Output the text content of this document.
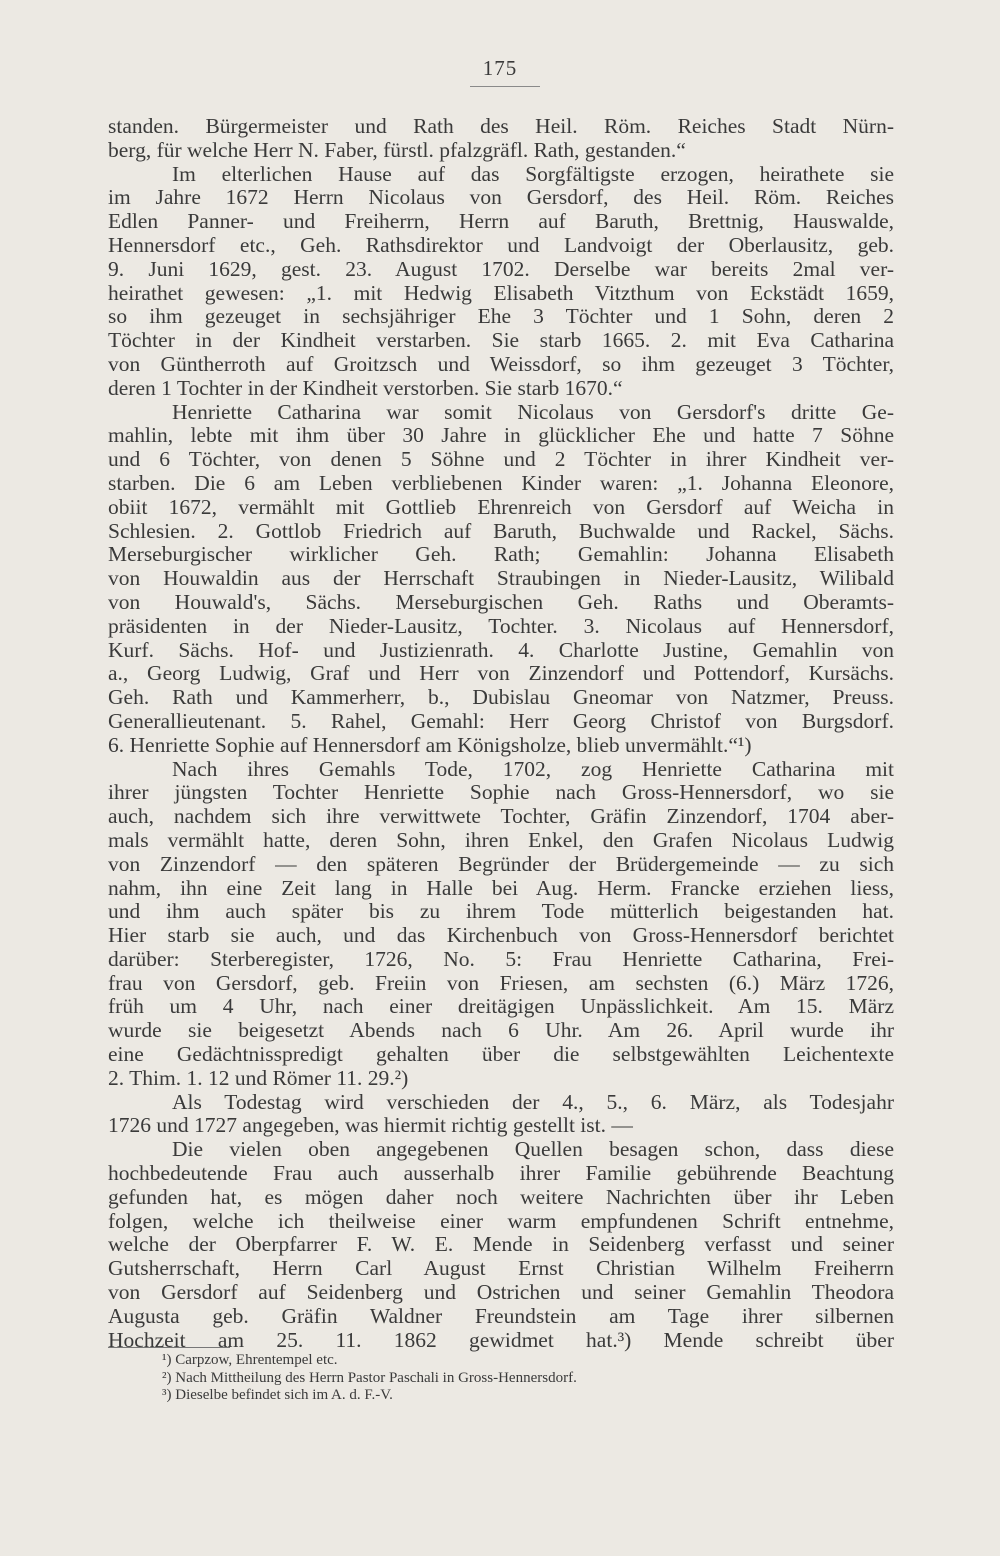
175
standen. Bürgermeister und Rath des Heil. Röm. Reiches Stadt Nürn-
berg, für welche Herr N. Faber, fürstl. pfalzgräfl. Rath, gestanden.“
Im elterlichen Hause auf das Sorgfältigste erzogen, heirathete sie
im Jahre 1672 Herrn Nicolaus von Gersdorf, des Heil. Röm. Reiches
Edlen Panner- und Freiherrn, Herrn auf Baruth, Brettnig, Hauswalde,
Hennersdorf etc., Geh. Rathsdirektor und Landvoigt der Oberlausitz, geb.
9. Juni 1629, gest. 23. August 1702. Derselbe war bereits 2mal ver-
heirathet gewesen: „1. mit Hedwig Elisabeth Vitzthum von Eckstädt 1659,
so ihm gezeuget in sechsjähriger Ehe 3 Töchter und 1 Sohn, deren 2
Töchter in der Kindheit verstarben. Sie starb 1665. 2. mit Eva Catharina
von Güntherroth auf Groitzsch und Weissdorf, so ihm gezeuget 3 Töchter,
deren 1 Tochter in der Kindheit verstorben. Sie starb 1670.“
Henriette Catharina war somit Nicolaus von Gersdorf's dritte Ge-
mahlin, lebte mit ihm über 30 Jahre in glücklicher Ehe und hatte 7 Söhne
und 6 Töchter, von denen 5 Söhne und 2 Töchter in ihrer Kindheit ver-
starben. Die 6 am Leben verbliebenen Kinder waren: „1. Johanna Eleonore,
obiit 1672, vermählt mit Gottlieb Ehrenreich von Gersdorf auf Weicha in
Schlesien. 2. Gottlob Friedrich auf Baruth, Buchwalde und Rackel, Sächs.
Merseburgischer wirklicher Geh. Rath; Gemahlin: Johanna Elisabeth
von Houwaldin aus der Herrschaft Straubingen in Nieder-Lausitz, Wilibald
von Houwald's, Sächs. Merseburgischen Geh. Raths und Oberamts-
präsidenten in der Nieder-Lausitz, Tochter. 3. Nicolaus auf Hennersdorf,
Kurf. Sächs. Hof- und Justizienrath. 4. Charlotte Justine, Gemahlin von
a., Georg Ludwig, Graf und Herr von Zinzendorf und Pottendorf, Kursächs.
Geh. Rath und Kammerherr, b., Dubislau Gneomar von Natzmer, Preuss.
Generallieutenant. 5. Rahel, Gemahl: Herr Georg Christof von Burgsdorf.
6. Henriette Sophie auf Hennersdorf am Königsholze, blieb unvermählt.“¹)
Nach ihres Gemahls Tode, 1702, zog Henriette Catharina mit
ihrer jüngsten Tochter Henriette Sophie nach Gross-Hennersdorf, wo sie
auch, nachdem sich ihre verwittwete Tochter, Gräfin Zinzendorf, 1704 aber-
mals vermählt hatte, deren Sohn, ihren Enkel, den Grafen Nicolaus Ludwig
von Zinzendorf — den späteren Begründer der Brüdergemeinde — zu sich
nahm, ihn eine Zeit lang in Halle bei Aug. Herm. Francke erziehen liess,
und ihm auch später bis zu ihrem Tode mütterlich beigestanden hat.
Hier starb sie auch, und das Kirchenbuch von Gross-Hennersdorf berichtet
darüber: Sterberegister, 1726, No. 5: Frau Henriette Catharina, Frei-
frau von Gersdorf, geb. Freiin von Friesen, am sechsten (6.) März 1726,
früh um 4 Uhr, nach einer dreitägigen Unpässlichkeit. Am 15. März
wurde sie beigesetzt Abends nach 6 Uhr. Am 26. April wurde ihr
eine Gedächtnisspredigt gehalten über die selbstgewählten Leichentexte
2. Thim. 1. 12 und Römer 11. 29.²)
Als Todestag wird verschieden der 4., 5., 6. März, als Todesjahr
1726 und 1727 angegeben, was hiermit richtig gestellt ist. —
Die vielen oben angegebenen Quellen besagen schon, dass diese
hochbedeutende Frau auch ausserhalb ihrer Familie gebührende Beachtung
gefunden hat, es mögen daher noch weitere Nachrichten über ihr Leben
folgen, welche ich theilweise einer warm empfundenen Schrift entnehme,
welche der Oberpfarrer F. W. E. Mende in Seidenberg verfasst und seiner
Gutsherrschaft, Herrn Carl August Ernst Christian Wilhelm Freiherrn
von Gersdorf auf Seidenberg und Ostrichen und seiner Gemahlin Theodora
Augusta geb. Gräfin Waldner Freundstein am Tage ihrer silbernen
Hochzeit am 25. 11. 1862 gewidmet hat.³) Mende schreibt über
¹) Carpzow, Ehrentempel etc.
²) Nach Mittheilung des Herrn Pastor Paschali in Gross-Hennersdorf.
³) Dieselbe befindet sich im A. d. F.-V.
